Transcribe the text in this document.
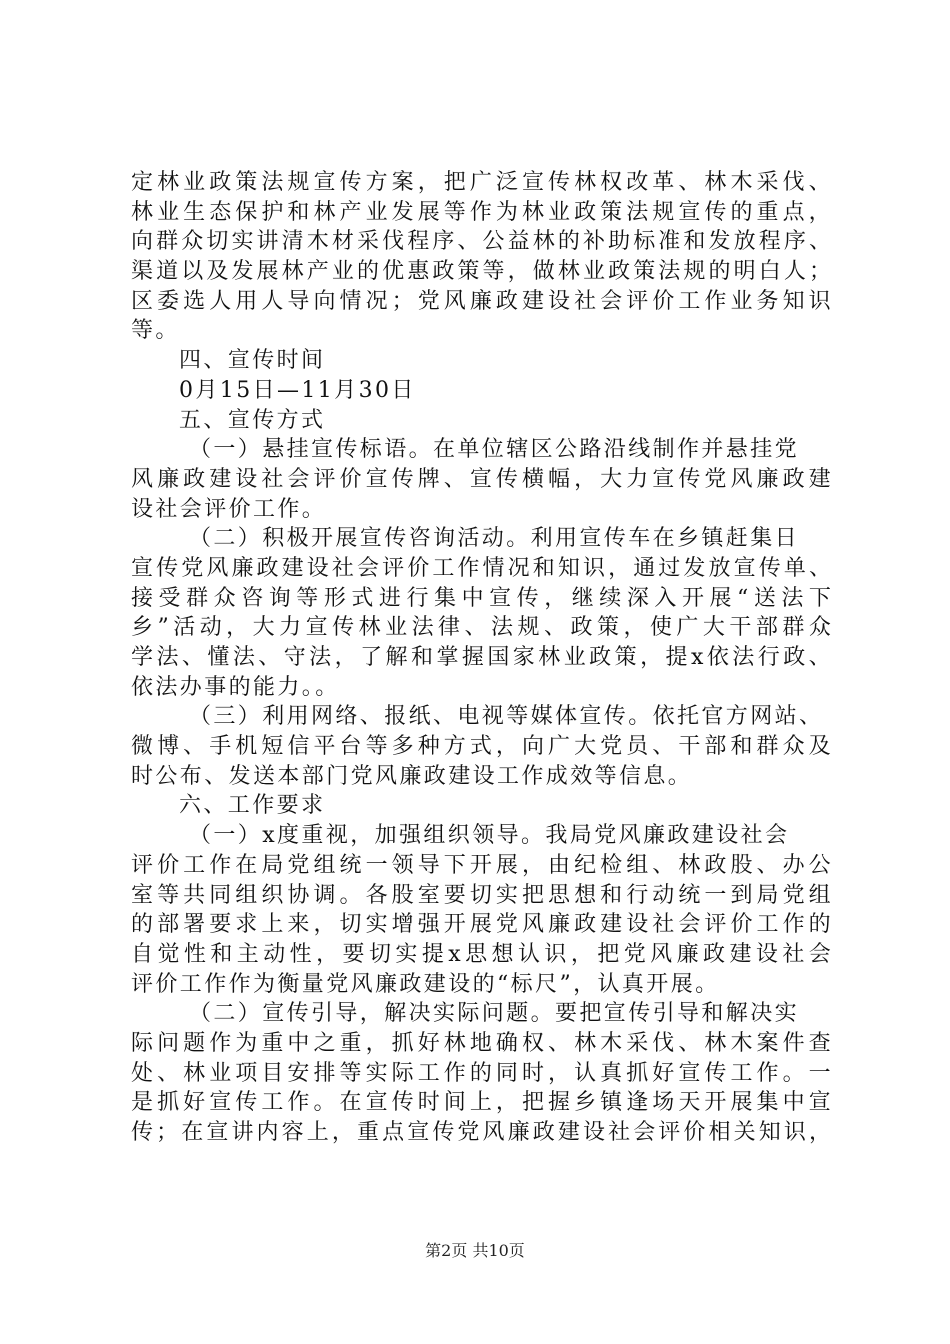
定 林 业 政 策 法 规 宣 传 方 案 ， 把 广 泛 宣 传 林 权 改 革 、 林 木 采 伐 、
林 业 生 态 保 护 和 林 产 业 发 展 等 作 为 林 业 政 策 法 规 宣 传 的 重 点 ，
向 群 众 切 实 讲 清 木 材 采 伐 程 序 、 公 益 林 的 补 助 标 准 和 发 放 程 序 、
渠 道 以 及 发 展 林 产 业 的 优 惠 政 策 等 ， 做 林 业 政 策 法 规 的 明 白 人 ；
区 委 选 人 用 人 导 向 情 况 ； 党 风 廉 政 建 设 社 会 评 价 工 作 业 务 知 识
等。
四、宣传时间
0月15日—11月30日
五、宣传方式
（一）悬挂宣传标语。在单位辖区公路沿线制作并悬挂党
风 廉 政 建 设 社 会 评 价 宣 传 牌 、 宣 传 横 幅 ， 大 力 宣 传 党 风 廉 政 建
设社会评价工作。
（二）积极开展宣传咨询活动。利用宣传车在乡镇赶集日
宣 传 党 风 廉 政 建 设 社 会 评 价 工 作 情 况 和 知 识 ， 通 过 发 放 宣 传 单 、
接 受 群 众 咨 询 等 形 式 进 行 集 中 宣 传 ， 继 续 深 入 开 展 “ 送 法 下
乡 ” 活 动 ， 大 力 宣 传 林 业 法 律 、 法 规 、 政 策 ， 使 广 大 干 部 群 众
学 法 、 懂 法 、 守 法 ， 了 解 和 掌 握 国 家 林 业 政 策 ， 提 x 依 法 行 政 、
依法办事的能力。。
（三）利用网络、报纸、电视等媒体宣传。依托官方网站、
微 博 、 手 机 短 信 平 台 等 多 种 方 式 ， 向 广 大 党 员 、 干 部 和 群 众 及
时公布、发送本部门党风廉政建设工作成效等信息。
六、工作要求
（一）x度重视，加强组织领导。我局党风廉政建设社会
评 价 工 作 在 局 党 组 统 一 领 导 下 开 展 ， 由 纪 检 组 、 林 政 股 、 办 公
室 等 共 同 组 织 协 调 。 各 股 室 要 切 实 把 思 想 和 行 动 统 一 到 局 党 组
的 部 署 要 求 上 来 ， 切 实 增 强 开 展 党 风 廉 政 建 设 社 会 评 价 工 作 的
自 觉 性 和 主 动 性 ， 要 切 实 提 x 思 想 认 识 ， 把 党 风 廉 政 建 设 社 会
评价工作作为衡量党风廉政建设的“标尺”，认真开展。
（二）宣传引导，解决实际问题。要把宣传引导和解决实
际 问 题 作 为 重 中 之 重 ， 抓 好 林 地 确 权 、 林 木 采 伐 、 林 木 案 件 查
处 、 林 业 项 目 安 排 等 实 际 工 作 的 同 时 ， 认 真 抓 好 宣 传 工 作 。 一
是 抓 好 宣 传 工 作 。 在 宣 传 时 间 上 ， 把 握 乡 镇 逢 场 天 开 展 集 中 宣
传 ； 在 宣 讲 内 容 上 ， 重 点 宣 传 党 风 廉 政 建 设 社 会 评 价 相 关 知 识 ，
第2页 共10页
